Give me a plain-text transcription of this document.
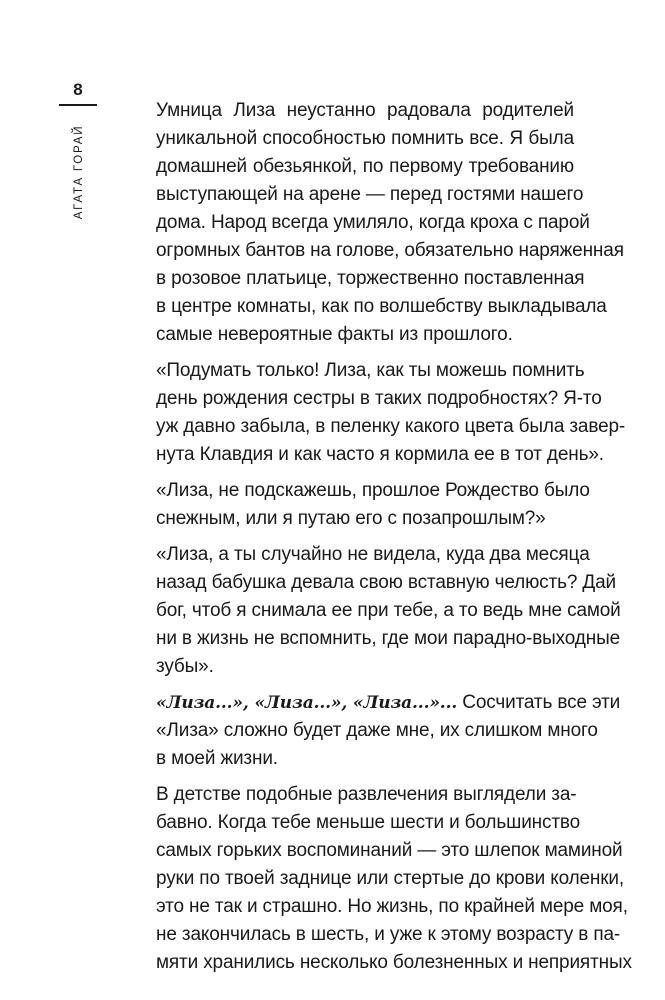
8
АГАТА ГОРАЙ

Умница Лиза неустанно радовала родителей
уникальной способностью помнить все. Я была
домашней обезьянкой, по первому требованию
выступающей на арене — перед гостями нашего
дома. Народ всегда умиляло, когда кроха с парой
огромных бантов на голове, обязательно наряженная
в розовое платьице, торжественно поставленная
в центре комнаты, как по волшебству выкладывала
самые невероятные факты из прошлого.

«Подумать только! Лиза, как ты можешь помнить
день рождения сестры в таких подробностях? Я-то
уж давно забыла, в пеленку какого цвета была завер-
нута Клавдия и как часто я кормила ее в тот день».

«Лиза, не подскажешь, прошлое Рождество было
снежным, или я путаю его с позапрошлым?»

«Лиза, а ты случайно не видела, куда два месяца
назад бабушка девала свою вставную челюсть? Дай
бог, чтоб я снимала ее при тебе, а то ведь мне самой
ни в жизнь не вспомнить, где мои парадно-выходные
зубы».

«Лиза...», «Лиза...», «Лиза...»... Сосчитать все эти
«Лиза» сложно будет даже мне, их слишком много
в моей жизни.

В детстве подобные развлечения выглядели за-
бавно. Когда тебе меньше шести и большинство
самых горьких воспоминаний — это шлепок маминой
руки по твоей заднице или стертые до крови коленки,
это не так и страшно. Но жизнь, по крайней мере моя,
не закончилась в шесть, и уже к этому возрасту в па-
мяти хранились несколько болезненных и неприятных
